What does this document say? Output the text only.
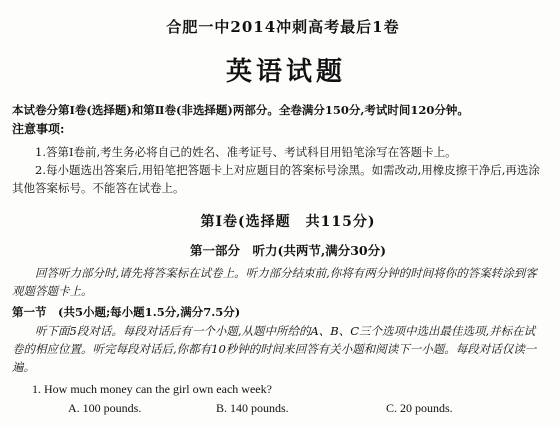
合肥一中2014冲刺高考最后1卷
英语试题
本试卷分第Ⅰ卷(选择题)和第Ⅱ卷(非选择题)两部分。全卷满分150分,考试时间120分钟。
注意事项:
1.答第Ⅰ卷前,考生务必将自己的姓名、准考证号、考试科目用铅笔涂写在答题卡上。
2.每小题选出答案后,用铅笔把答题卡上对应题目的答案标号涂黑。如需改动,用橡皮擦干净后,再选涂其他答案标号。不能答在试卷上。
第Ⅰ卷(选择题　共115分)
第一部分　听力(共两节,满分30分)
回答听力部分时,请先将答案标在试卷上。听力部分结束前,你将有两分钟的时间将你的答案转涂到客观题答题卡上。
第一节　(共5小题;每小题1.5分,满分7.5分)
听下面5段对话。每段对话后有一个小题,从题中所给的A、B、C三个选项中选出最佳选项,并标在试卷的相应位置。听完每段对话后,你都有10秒钟的时间来回答有关小题和阅读下一小题。每段对话仅读一遍。
1. How much money can the girl own each week?
A. 100 pounds.	B. 140 pounds.	C. 20 pounds.
